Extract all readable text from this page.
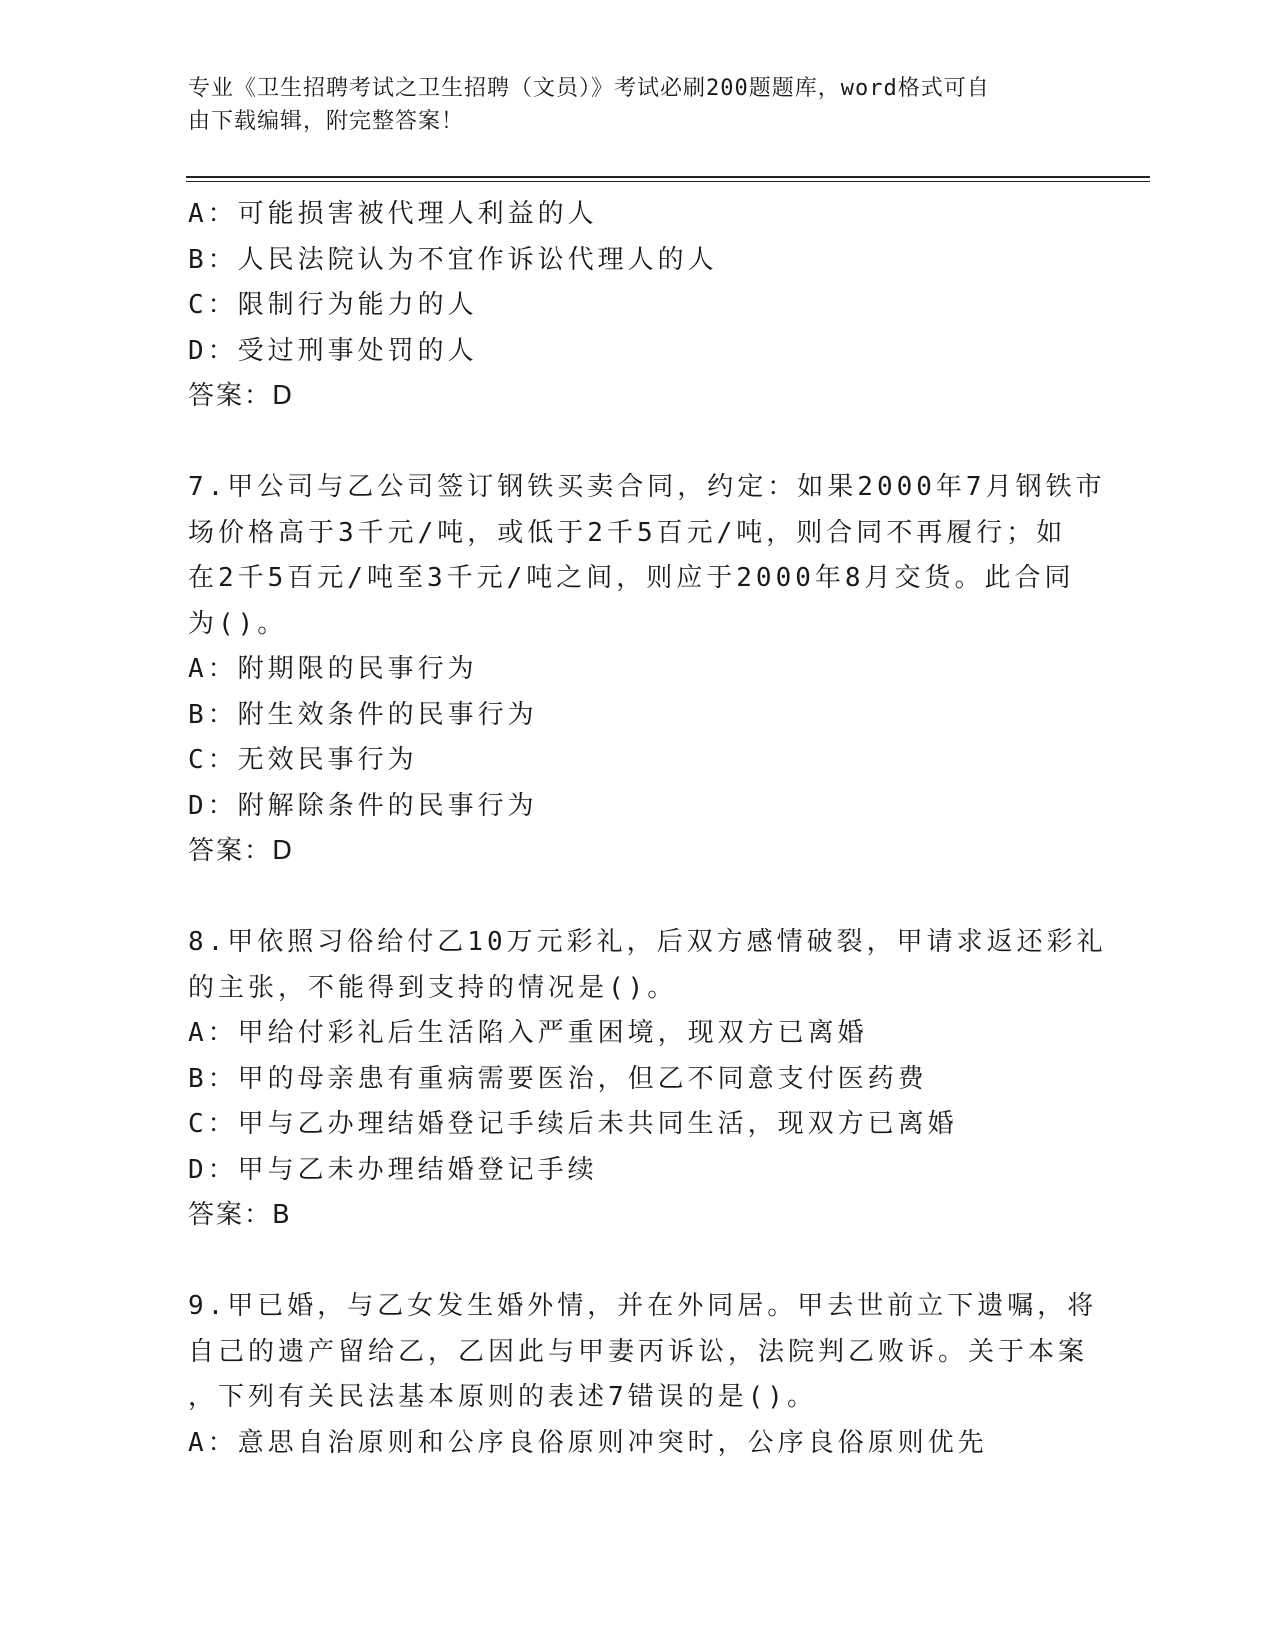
专业《卫生招聘考试之卫生招聘（文员）》考试必刷200题题库，word格式可自
由下载编辑，附完整答案！
A：可能损害被代理人利益的人
B：人民法院认为不宜作诉讼代理人的人
C：限制行为能力的人
D：受过刑事处罚的人
答案：D
7.甲公司与乙公司签订钢铁买卖合同，约定：如果2000年7月钢铁市
场价格高于3千元/吨，或低于2千5百元/吨，则合同不再履行；如
在2千5百元/吨至3千元/吨之间，则应于2000年8月交货。此合同
为()。
A：附期限的民事行为
B：附生效条件的民事行为
C：无效民事行为
D：附解除条件的民事行为
答案：D
8.甲依照习俗给付乙10万元彩礼，后双方感情破裂，甲请求返还彩礼
的主张，不能得到支持的情况是()。
A：甲给付彩礼后生活陷入严重困境，现双方已离婚
B：甲的母亲患有重病需要医治，但乙不同意支付医药费
C：甲与乙办理结婚登记手续后未共同生活，现双方已离婚
D：甲与乙未办理结婚登记手续
答案：B
9.甲已婚，与乙女发生婚外情，并在外同居。甲去世前立下遗嘱，将
自己的遗产留给乙，乙因此与甲妻丙诉讼，法院判乙败诉。关于本案
，下列有关民法基本原则的表述7错误的是()。
A：意思自治原则和公序良俗原则冲突时，公序良俗原则优先
